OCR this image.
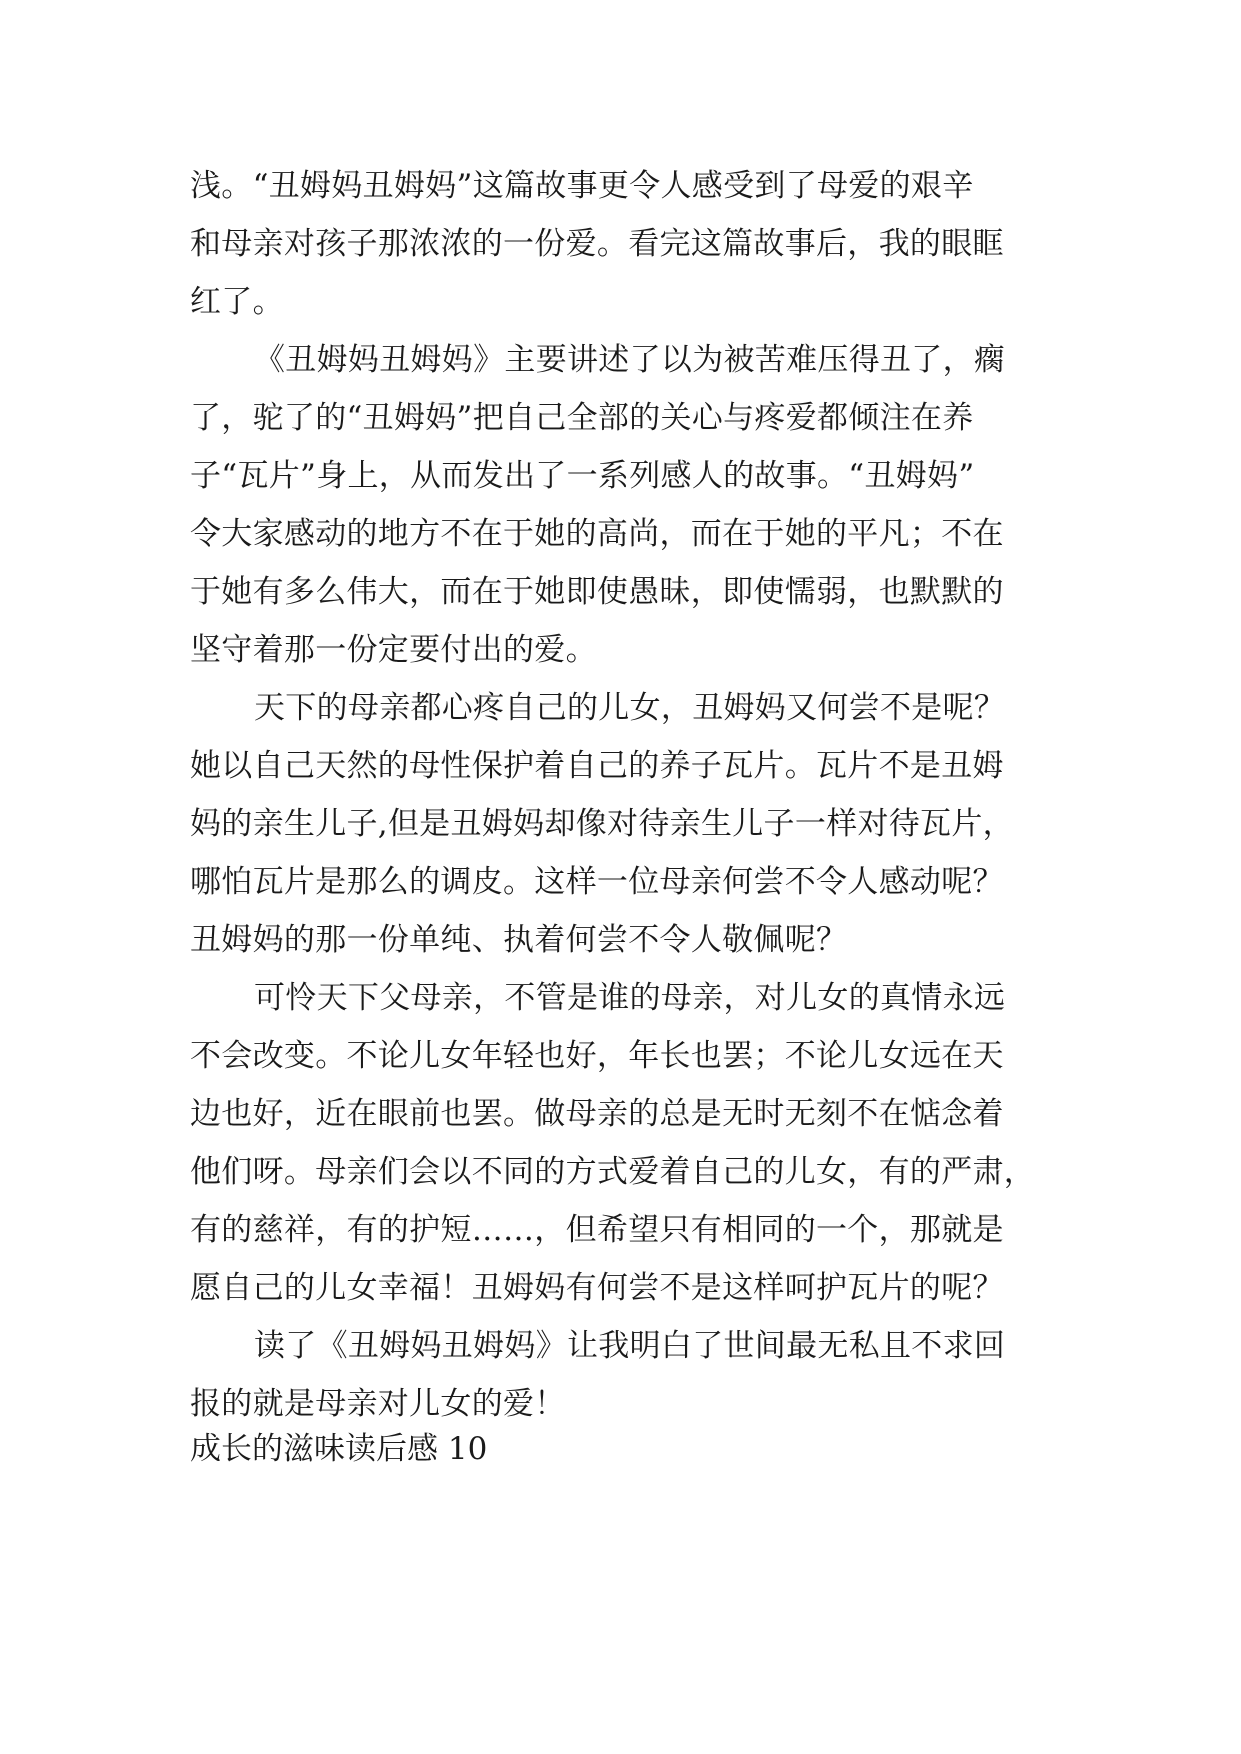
浅。“丑姆妈丑姆妈”这篇故事更令人感受到了母爱的艰辛
和母亲对孩子那浓浓的一份爱。看完这篇故事后，我的眼眶
红了。

《丑姆妈丑姆妈》主要讲述了以为被苦难压得丑了，瘸
了，驼了的“丑姆妈”把自己全部的关心与疼爱都倾注在养
子“瓦片”身上，从而发出了一系列感人的故事。“丑姆妈”
令大家感动的地方不在于她的高尚，而在于她的平凡；不在
于她有多么伟大，而在于她即使愚昧，即使懦弱，也默默的
坚守着那一份定要付出的爱。

天下的母亲都心疼自己的儿女，丑姆妈又何尝不是呢？
她以自己天然的母性保护着自己的养子瓦片。瓦片不是丑姆
妈的亲生儿子,但是丑姆妈却像对待亲生儿子一样对待瓦片，
哪怕瓦片是那么的调皮。这样一位母亲何尝不令人感动呢？
丑姆妈的那一份单纯、执着何尝不令人敬佩呢？

可怜天下父母亲，不管是谁的母亲，对儿女的真情永远
不会改变。不论儿女年轻也好，年长也罢；不论儿女远在天
边也好，近在眼前也罢。做母亲的总是无时无刻不在惦念着
他们呀。母亲们会以不同的方式爱着自己的儿女，有的严肃，
有的慈祥，有的护短……，但希望只有相同的一个，那就是
愿自己的儿女幸福！丑姆妈有何尝不是这样呵护瓦片的呢？

读了《丑姆妈丑姆妈》让我明白了世间最无私且不求回
报的就是母亲对儿女的爱！

成长的滋味读后感 10
